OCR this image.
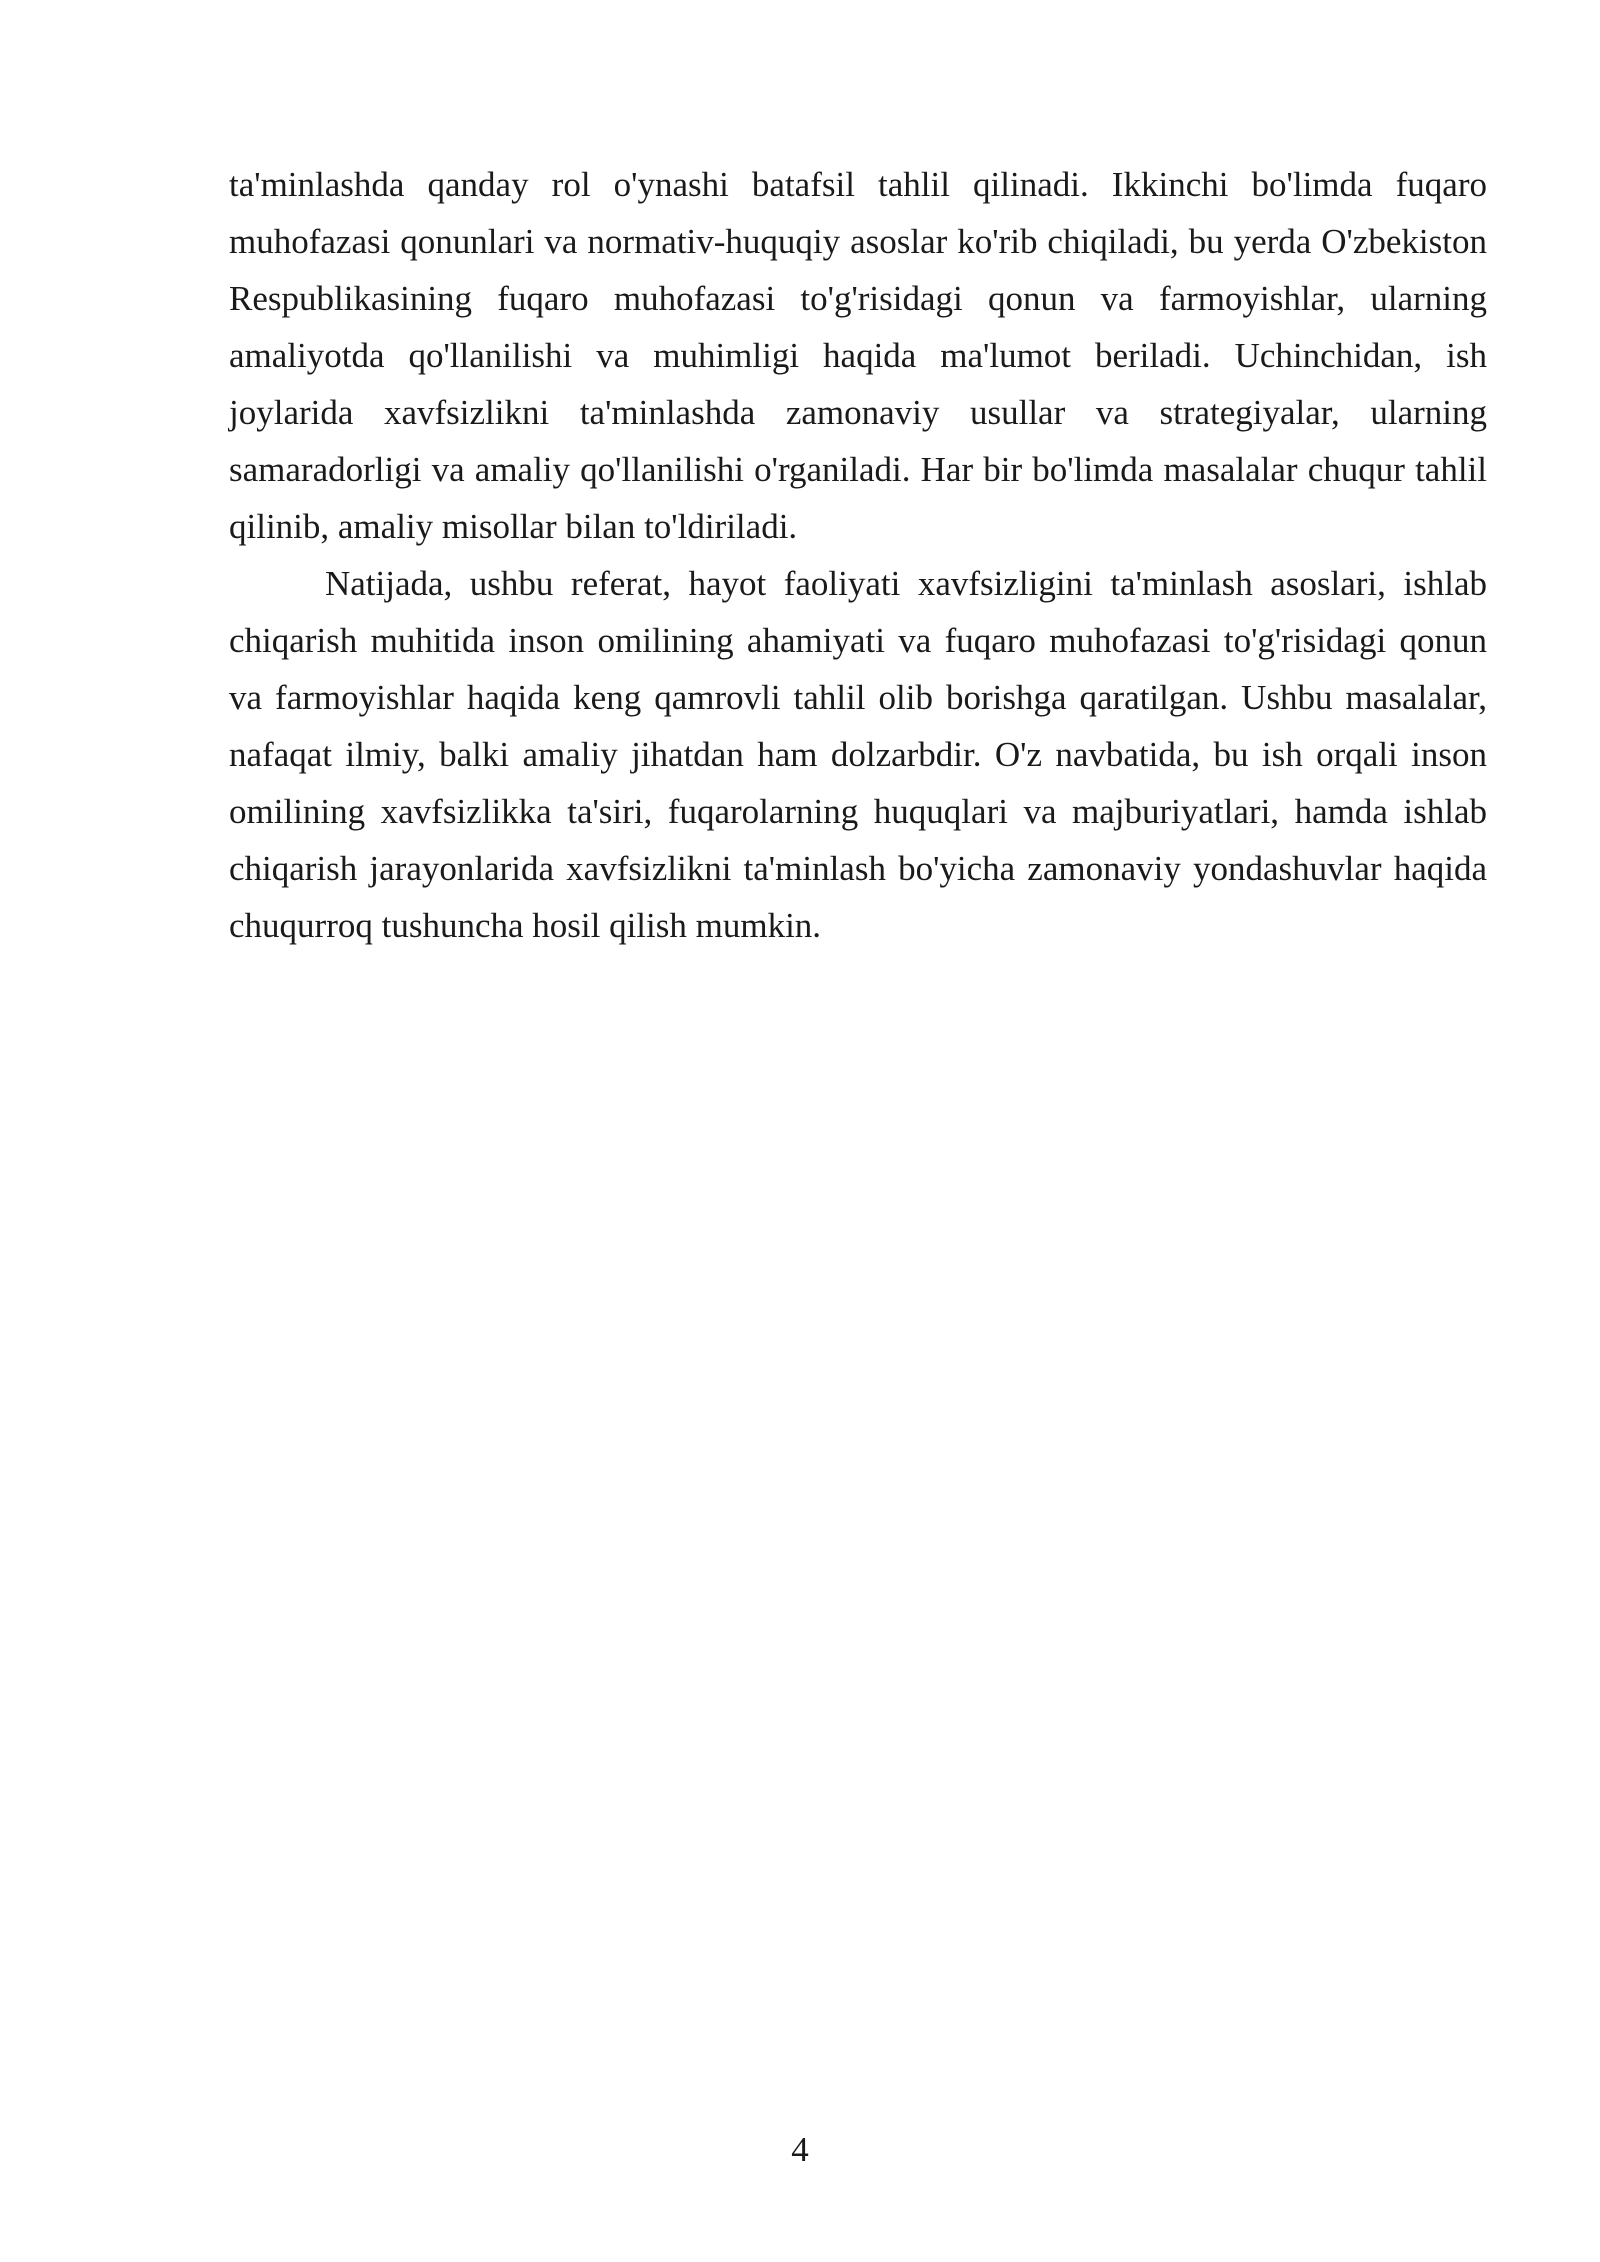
ta'minlashda qanday rol o'ynashi batafsil tahlil qilinadi. Ikkinchi bo'limda fuqaro muhofazasi qonunlari va normativ-huquqiy asoslar ko'rib chiqiladi, bu yerda O'zbekiston Respublikasining fuqaro muhofazasi to'g'risidagi qonun va farmoyishlar, ularning amaliyotda qo'llanilishi va muhimligi haqida ma'lumot beriladi. Uchinchidan, ish joylarida xavfsizlikni ta'minlashda zamonaviy usullar va strategiyalar, ularning samaradorligi va amaliy qo'llanilishi o'rganiladi. Har bir bo'limda masalalar chuqur tahlil qilinib, amaliy misollar bilan to'ldiriladi.

Natijada, ushbu referat, hayot faoliyati xavfsizligini ta'minlash asoslari, ishlab chiqarish muhitida inson omilining ahamiyati va fuqaro muhofazasi to'g'risidagi qonun va farmoyishlar haqida keng qamrovli tahlil olib borishga qaratilgan. Ushbu masalalar, nafaqat ilmiy, balki amaliy jihatdan ham dolzarbdir. O'z navbatida, bu ish orqali inson omilining xavfsizlikka ta'siri, fuqarolarning huquqlari va majburiyatlari, hamda ishlab chiqarish jarayonlarida xavfsizlikni ta'minlash bo'yicha zamonaviy yondashuvlar haqida chuqurroq tushuncha hosil qilish mumkin.

4
